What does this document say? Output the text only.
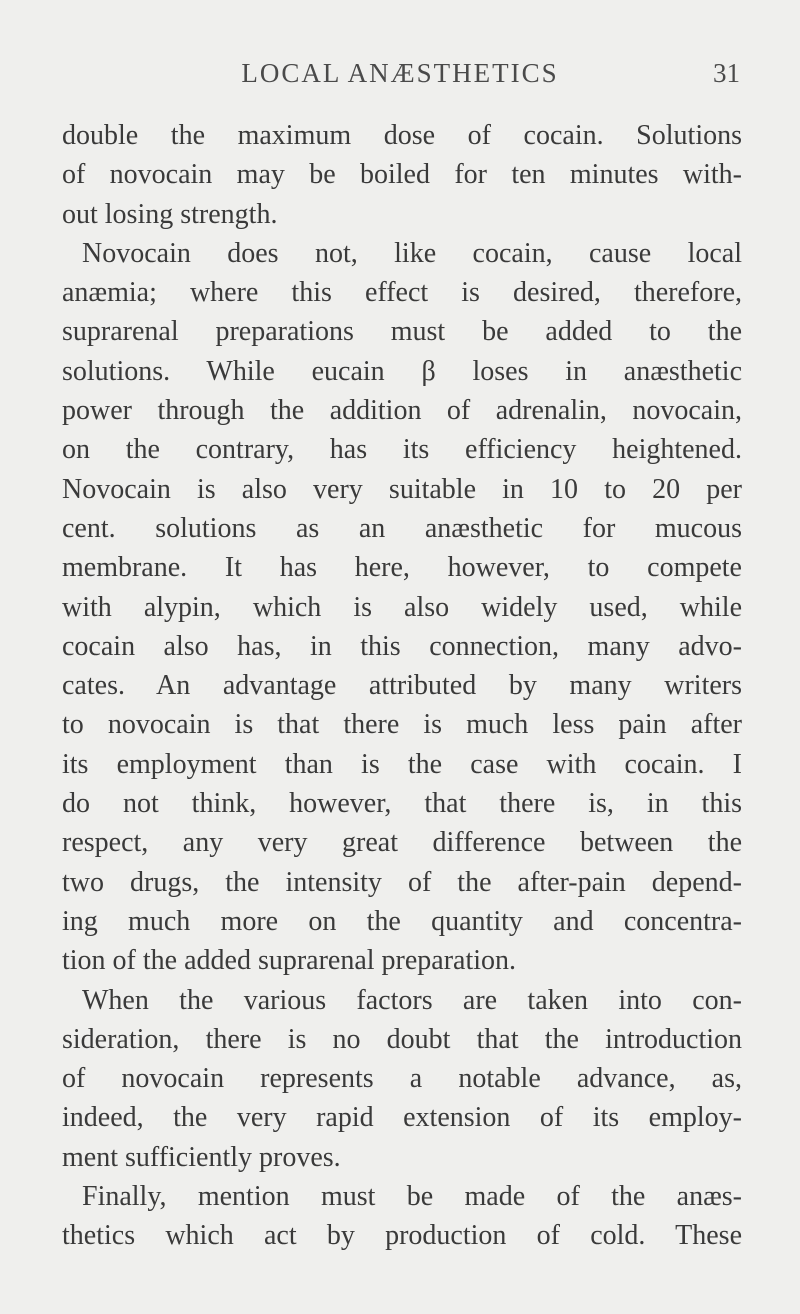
LOCAL ANÆSTHETICS	31
double the maximum dose of cocain. Solutions
of novocain may be boiled for ten minutes with-
out losing strength.
Novocain does not, like cocain, cause local
anæmia; where this effect is desired, therefore,
suprarenal preparations must be added to the
solutions. While eucain β loses in anæsthetic
power through the addition of adrenalin, novocain,
on the contrary, has its efficiency heightened.
Novocain is also very suitable in 10 to 20 per
cent. solutions as an anæsthetic for mucous
membrane. It has here, however, to compete
with alypin, which is also widely used, while
cocain also has, in this connection, many advo-
cates. An advantage attributed by many writers
to novocain is that there is much less pain after
its employment than is the case with cocain. I
do not think, however, that there is, in this
respect, any very great difference between the
two drugs, the intensity of the after-pain depend-
ing much more on the quantity and concentra-
tion of the added suprarenal preparation.
When the various factors are taken into con-
sideration, there is no doubt that the introduction
of novocain represents a notable advance, as,
indeed, the very rapid extension of its employ-
ment sufficiently proves.
Finally, mention must be made of the anæs-
thetics which act by production of cold. These
